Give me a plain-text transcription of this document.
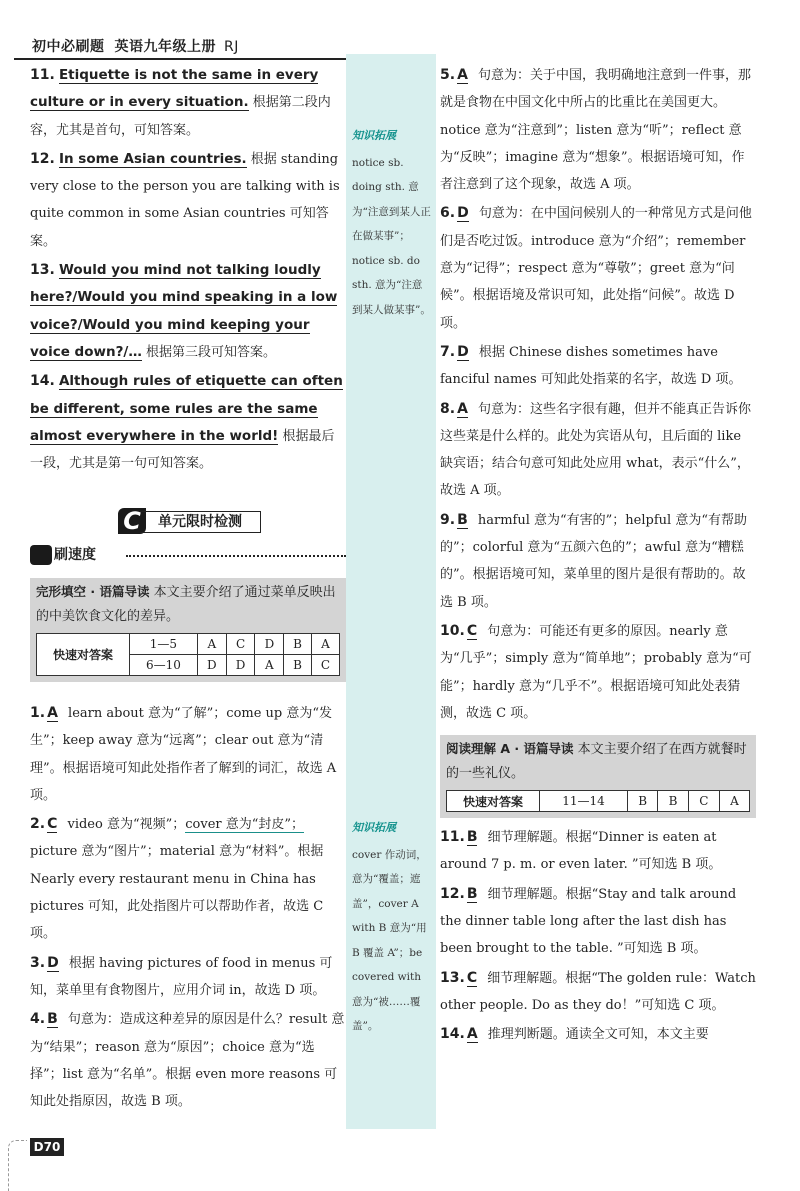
初中必刷题 英语九年级上册 RJ
知识拓展
notice sb. doing sth. 意为“注意到某人正在做某事”；notice sb. do sth. 意为“注意到某人做某事”。
知识拓展
cover 作动词，意为“覆盖；遮盖”，cover A with B 意为“用 B 覆盖 A”；be covered with 意为“被……覆盖”。
11. Etiquette is not the same in every culture or in every situation. 根据第二段内容，尤其是首句，可知答案。
12. In some Asian countries. 根据 standing very close to the person you are talking with is quite common in some Asian countries 可知答案。
13. Would you mind not talking loudly here?/Would you mind speaking in a low voice?/Would you mind keeping your voice down?/… 根据第三段可知答案。
14. Although rules of etiquette can often be different, some rules are the same almost everywhere in the world! 根据最后一段，尤其是第一句可知答案。
C	单元限时检测
刷速度
完形填空 · 语篇导读 本文主要介绍了通过菜单反映出的中美饮食文化的差异。
快速对答案	1—5	A	C	D	B	A
	6—10	D	D	A	B	C
1. A learn about 意为“了解”；come up 意为“发生”；keep away 意为“远离”；clear out 意为“清理”。根据语境可知此处指作者了解到的词汇，故选 A 项。
2. C video 意为“视频”；cover 意为“封皮”； picture 意为“图片”；material 意为“材料”。根据 Nearly every restaurant menu in China has pictures 可知，此处指图片可以帮助作者，故选 C 项。
3. D 根据 having pictures of food in menus 可知，菜单里有食物图片，应用介词 in，故选 D 项。
4. B 句意为：造成这种差异的原因是什么？result 意为“结果”；reason 意为“原因”；choice 意为“选择”；list 意为“名单”。根据 even more reasons 可知此处指原因，故选 B 项。
5. A 句意为：关于中国，我明确地注意到一件事，那就是食物在中国文化中所占的比重比在美国更大。notice 意为“注意到”；listen 意为“听”；reflect 意为“反映”；imagine 意为“想象”。根据语境可知，作者注意到了这个现象，故选 A 项。
6. D 句意为：在中国问候别人的一种常见方式是问他们是否吃过饭。introduce 意为“介绍”；remember 意为“记得”；respect 意为“尊敬”；greet 意为“问候”。根据语境及常识可知，此处指“问候”。故选 D 项。
7. D 根据 Chinese dishes sometimes have fanciful names 可知此处指菜的名字，故选 D 项。
8. A 句意为：这些名字很有趣，但并不能真正告诉你这些菜是什么样的。此处为宾语从句，且后面的 like 缺宾语；结合句意可知此处应用 what，表示“什么”，故选 A 项。
9. B harmful 意为“有害的”；helpful 意为“有帮助的”；colorful 意为“五颜六色的”；awful 意为“糟糕的”。根据语境可知，菜单里的图片是很有帮助的。故选 B 项。
10. C 句意为：可能还有更多的原因。nearly 意为“几乎”；simply 意为“简单地”；probably 意为“可能”；hardly 意为“几乎不”。根据语境可知此处表猜测，故选 C 项。
阅读理解 A · 语篇导读 本文主要介绍了在西方就餐时的一些礼仪。
快速对答案	11—14	B	B	C	A
11. B 细节理解题。根据“Dinner is eaten at around 7 p. m. or even later. ”可知选 B 项。
12. B 细节理解题。根据“Stay and talk around the dinner table long after the last dish has been brought to the table. ”可知选 B 项。
13. C 细节理解题。根据“The golden rule：Watch other people. Do as they do！”可知选 C 项。
14. A 推理判断题。通读全文可知，本文主要
D70
